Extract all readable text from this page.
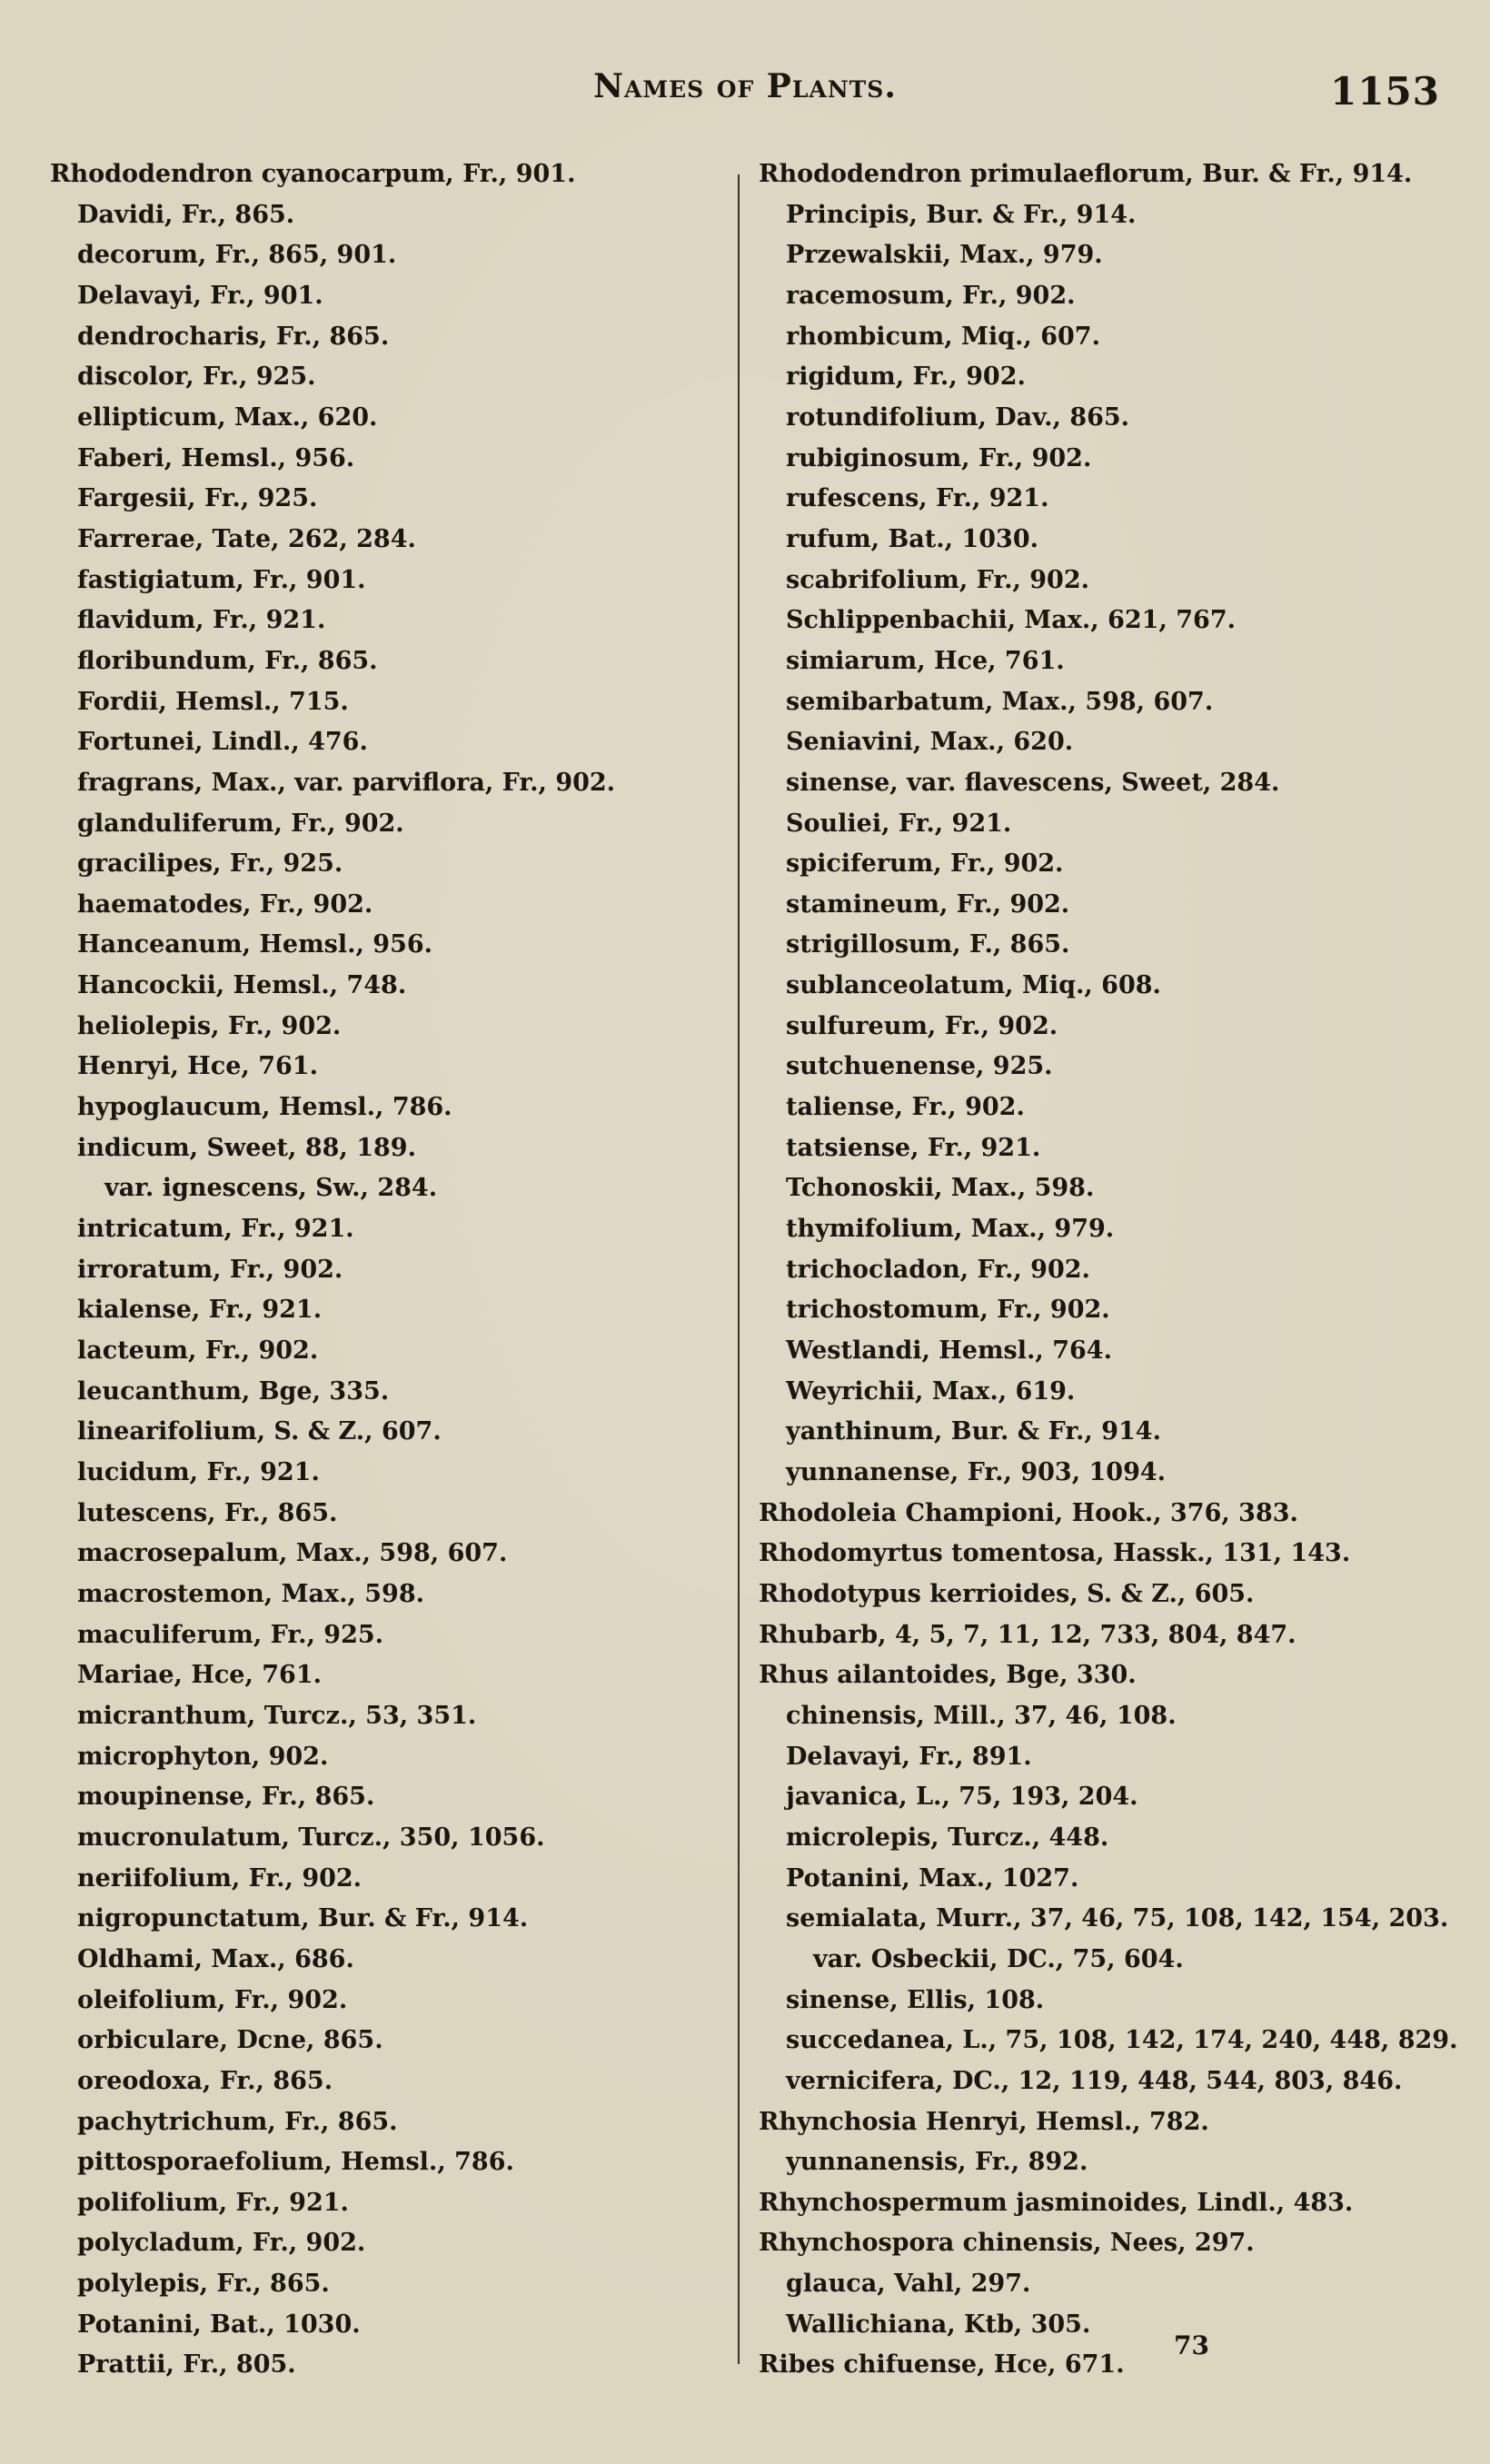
Names of Plants.	1153
Rhododendron cyanocarpum, Fr., 901.
Davidi, Fr., 865.
decorum, Fr., 865, 901.
Delavayi, Fr., 901.
dendrocharis, Fr., 865.
discolor, Fr., 925.
ellipticum, Max., 620.
Faberi, Hemsl., 956.
Fargesii, Fr., 925.
Farrerae, Tate, 262, 284.
fastigiatum, Fr., 901.
flavidum, Fr., 921.
floribundum, Fr., 865.
Fordii, Hemsl., 715.
Fortunei, Lindl., 476.
fragrans, Max., var. parviflora, Fr., 902.
glanduliferum, Fr., 902.
gracilipes, Fr., 925.
haematodes, Fr., 902.
Hanceanum, Hemsl., 956.
Hancockii, Hemsl., 748.
heliolepis, Fr., 902.
Henryi, Hce, 761.
hypoglaucum, Hemsl., 786.
indicum, Sweet, 88, 189.
var. ignescens, Sw., 284.
intricatum, Fr., 921.
irroratum, Fr., 902.
kialense, Fr., 921.
lacteum, Fr., 902.
leucanthum, Bge, 335.
linearifolium, S. & Z., 607.
lucidum, Fr., 921.
lutescens, Fr., 865.
macrosepalum, Max., 598, 607.
macrostemon, Max., 598.
maculiferum, Fr., 925.
Mariae, Hce, 761.
micranthum, Turcz., 53, 351.
microphyton, 902.
moupinense, Fr., 865.
mucronulatum, Turcz., 350, 1056.
neriifolium, Fr., 902.
nigropunctatum, Bur. & Fr., 914.
Oldhami, Max., 686.
oleifolium, Fr., 902.
orbiculare, Dcne, 865.
oreodoxa, Fr., 865.
pachytrichum, Fr., 865.
pittosporaefolium, Hemsl., 786.
polifolium, Fr., 921.
polycladum, Fr., 902.
polylepis, Fr., 865.
Potanini, Bat., 1030.
Prattii, Fr., 805.
Rhododendron primulaeflorum, Bur. & Fr., 914.
Principis, Bur. & Fr., 914.
Przewalskii, Max., 979.
racemosum, Fr., 902.
rhombicum, Miq., 607.
rigidum, Fr., 902.
rotundifolium, Dav., 865.
rubiginosum, Fr., 902.
rufescens, Fr., 921.
rufum, Bat., 1030.
scabrifolium, Fr., 902.
Schlippenbachii, Max., 621, 767.
simiarum, Hce, 761.
semibarbatum, Max., 598, 607.
Seniavini, Max., 620.
sinense, var. flavescens, Sweet, 284.
Souliei, Fr., 921.
spiciferum, Fr., 902.
stamineum, Fr., 902.
strigillosum, F., 865.
sublanceolatum, Miq., 608.
sulfureum, Fr., 902.
sutchuenense, 925.
taliense, Fr., 902.
tatsiense, Fr., 921.
Tchonoskii, Max., 598.
thymifolium, Max., 979.
trichocladon, Fr., 902.
trichostomum, Fr., 902.
Westlandi, Hemsl., 764.
Weyrichii, Max., 619.
yanthinum, Bur. & Fr., 914.
yunnanense, Fr., 903, 1094.
Rhodoleia Championi, Hook., 376, 383.
Rhodomyrtus tomentosa, Hassk., 131, 143.
Rhodotypus kerrioides, S. & Z., 605.
Rhubarb, 4, 5, 7, 11, 12, 733, 804, 847.
Rhus ailantoides, Bge, 330.
chinensis, Mill., 37, 46, 108.
Delavayi, Fr., 891.
javanica, L., 75, 193, 204.
microlepis, Turcz., 448.
Potanini, Max., 1027.
semialata, Murr., 37, 46, 75, 108, 142, 154, 203.
var. Osbeckii, DC., 75, 604.
sinense, Ellis, 108.
succedanea, L., 75, 108, 142, 174, 240, 448, 829.
vernicifera, DC., 12, 119, 448, 544, 803, 846.
Rhynchosia Henryi, Hemsl., 782.
yunnanensis, Fr., 892.
Rhynchospermum jasminoides, Lindl., 483.
Rhynchospora chinensis, Nees, 297.
glauca, Vahl, 297.
Wallichiana, Ktb, 305.
Ribes chifuense, Hce, 671.
73
